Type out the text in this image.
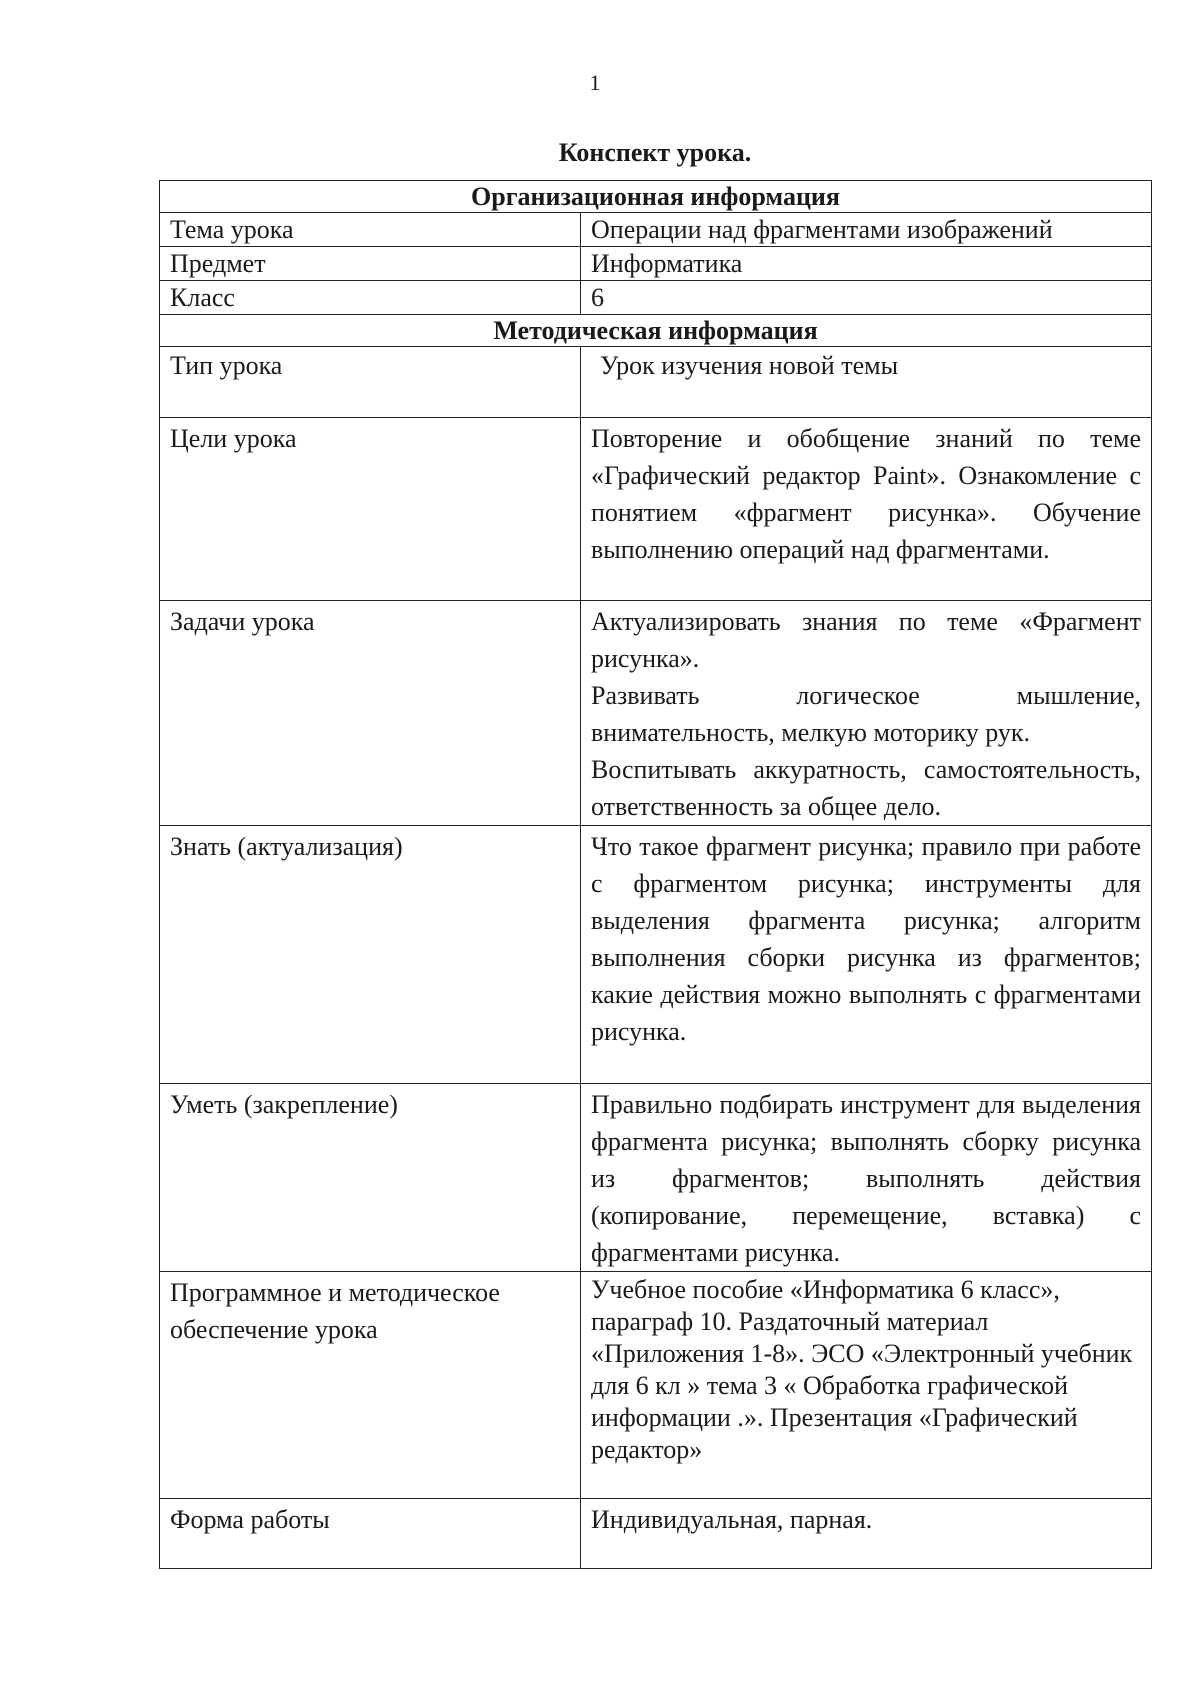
1
Конспект урока.
Организационная информация	
Тема урока	Операции над фрагментами изображений
Предмет	Информатика
Класс	6
Методическая информация	
Тип урока	Урок изучения новой темы
Цели урока	Повторение и обобщение знаний по теме «Графический редактор Paint». Ознакомление с понятием «фрагмент рисунка». Обучение выполнению операций над фрагментами.
Задачи урока	Актуализировать знания по теме «Фрагмент рисунка».
Развивать логическое мышление, внимательность, мелкую моторику рук.
Воспитывать аккуратность, самостоятельность, ответственность за общее дело.

Знать (актуализация)	Что такое фрагмент рисунка; правило при работе с фрагментом рисунка; инструменты для выделения фрагмента рисунка; алгоритм выполнения сборки рисунка из фрагментов; какие действия можно выполнять с фрагментами рисунка.
Уметь (закрепление)	Правильно подбирать инструмент для выделения фрагмента рисунка; выполнять сборку рисунка из фрагментов; выполнять действия (копирование, перемещение, вставка) с фрагментами рисунка.
Программное и методическое обеспечение урока	Учебное пособие «Информатика 6 класс», параграф 10. Раздаточный материал «Приложения 1-8». ЭСО «Электронный учебник для 6 кл » тема 3 « Обработка графической информации .». Презентация «Графический редактор»
Форма работы	Индивидуальная, парная.
